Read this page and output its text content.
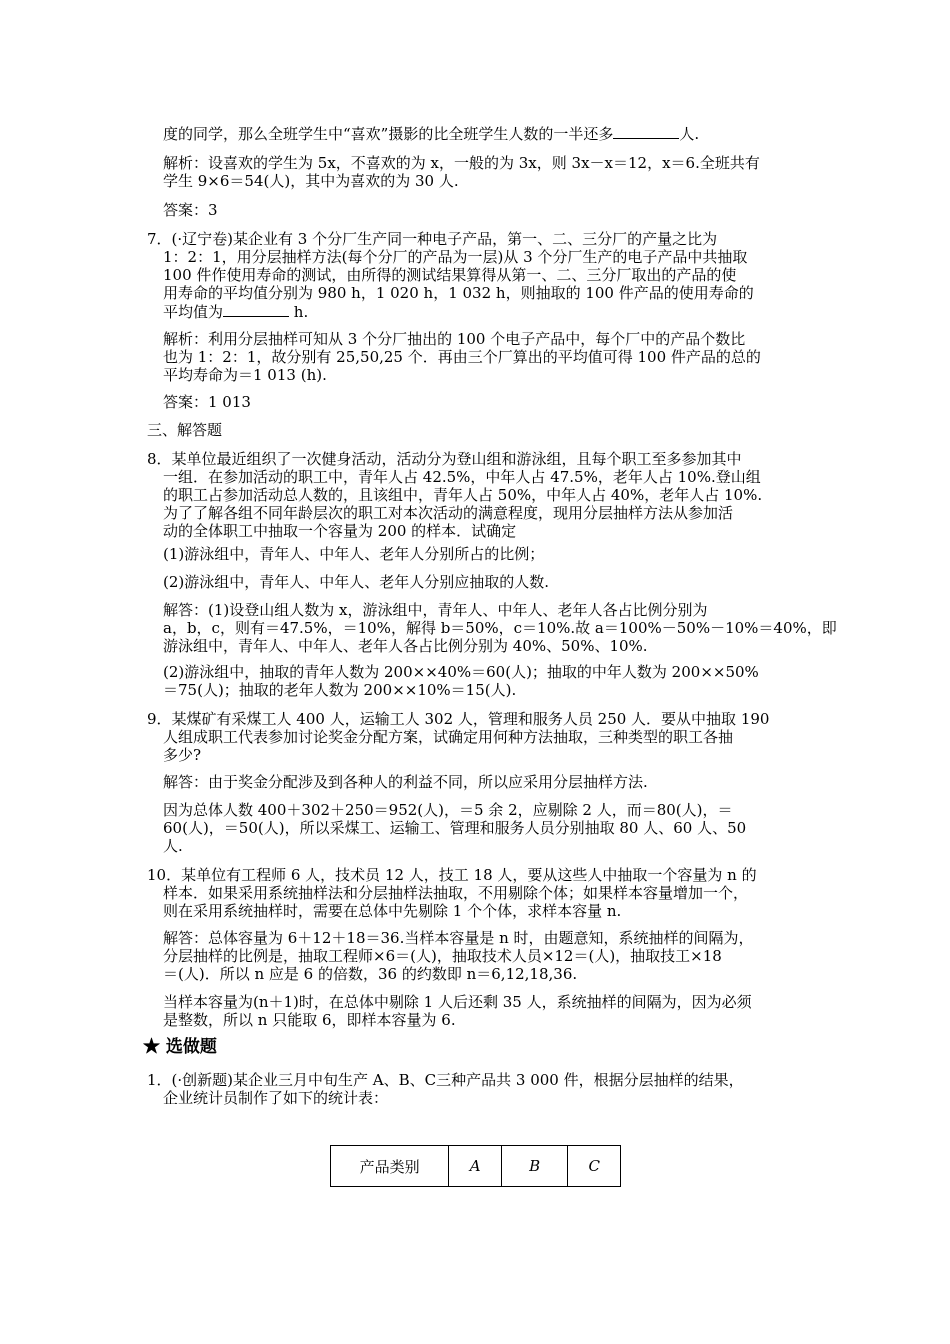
度的同学，那么全班学生中“喜欢”摄影的比全班学生人数的一半还多	人.
解析：设喜欢的学生为 5x，不喜欢的为 x，一般的为 3x，则 3x－x＝12，x＝6.全班共有
学生 9×6＝54(人)，其中为喜欢的为 30 人.
答案：3
7．(·辽宁卷)某企业有 3 个分厂生产同一种电子产品，第一、二、三分厂的产量之比为
1：2：1，用分层抽样方法(每个分厂的产品为一层)从 3 个分厂生产的电子产品中共抽取
100 件作使用寿命的测试，由所得的测试结果算得从第一、二、三分厂取出的产品的使
用寿命的平均值分别为 980 h，1 020 h，1 032 h，则抽取的 100 件产品的使用寿命的
平均值为	h.
解析：利用分层抽样可知从 3 个分厂抽出的 100 个电子产品中，每个厂中的产品个数比
也为 1：2：1，故分别有 25,50,25 个．再由三个厂算出的平均值可得 100 件产品的总的
平均寿命为＝1 013 (h).
答案：1 013
三、解答题
8．某单位最近组织了一次健身活动，活动分为登山组和游泳组，且每个职工至多参加其中
一组．在参加活动的职工中，青年人占 42.5%，中年人占 47.5%，老年人占 10%.登山组
的职工占参加活动总人数的，且该组中，青年人占 50%，中年人占 40%，老年人占 10%.
为了了解各组不同年龄层次的职工对本次活动的满意程度，现用分层抽样方法从参加活
动的全体职工中抽取一个容量为 200 的样本．试确定
(1)游泳组中，青年人、中年人、老年人分别所占的比例；
(2)游泳组中，青年人、中年人、老年人分别应抽取的人数.
解答：(1)设登山组人数为 x，游泳组中，青年人、中年人、老年人各占比例分别为
a，b，c，则有＝47.5%，＝10%，解得 b＝50%，c＝10%.故 a＝100%－50%－10%＝40%，即
游泳组中，青年人、中年人、老年人各占比例分别为 40%、50%、10%.
(2)游泳组中，抽取的青年人数为 200××40%＝60(人)；抽取的中年人数为 200××50%
＝75(人)；抽取的老年人数为 200××10%＝15(人).
9．某煤矿有采煤工人 400 人，运输工人 302 人，管理和服务人员 250 人．要从中抽取 190
人组成职工代表参加讨论奖金分配方案，试确定用何种方法抽取，三种类型的职工各抽
多少?
解答：由于奖金分配涉及到各种人的利益不同，所以应采用分层抽样方法.
因为总体人数 400＋302＋250＝952(人)，＝5 余 2，应剔除 2 人，而＝80(人)，＝
60(人)，＝50(人)，所以采煤工、运输工、管理和服务人员分别抽取 80 人、60 人、50
人.
10．某单位有工程师 6 人，技术员 12 人，技工 18 人，要从这些人中抽取一个容量为 n 的
样本．如果采用系统抽样法和分层抽样法抽取，不用剔除个体；如果样本容量增加一个，
则在采用系统抽样时，需要在总体中先剔除 1 个个体，求样本容量 n.
解答：总体容量为 6＋12＋18＝36.当样本容量是 n 时，由题意知，系统抽样的间隔为，
分层抽样的比例是，抽取工程师×6＝(人)，抽取技术人员×12＝(人)，抽取技工×18
＝(人)．所以 n 应是 6 的倍数，36 的约数即 n＝6,12,18,36.
当样本容量为(n＋1)时，在总体中剔除 1 人后还剩 35 人，系统抽样的间隔为，因为必须
是整数，所以 n 只能取 6，即样本容量为 6.
★ 选做题
1．(·创新题)某企业三月中旬生产 A、B、C三种产品共 3 000 件，根据分层抽样的结果，
企业统计员制作了如下的统计表：
产品类别	A	B	C
